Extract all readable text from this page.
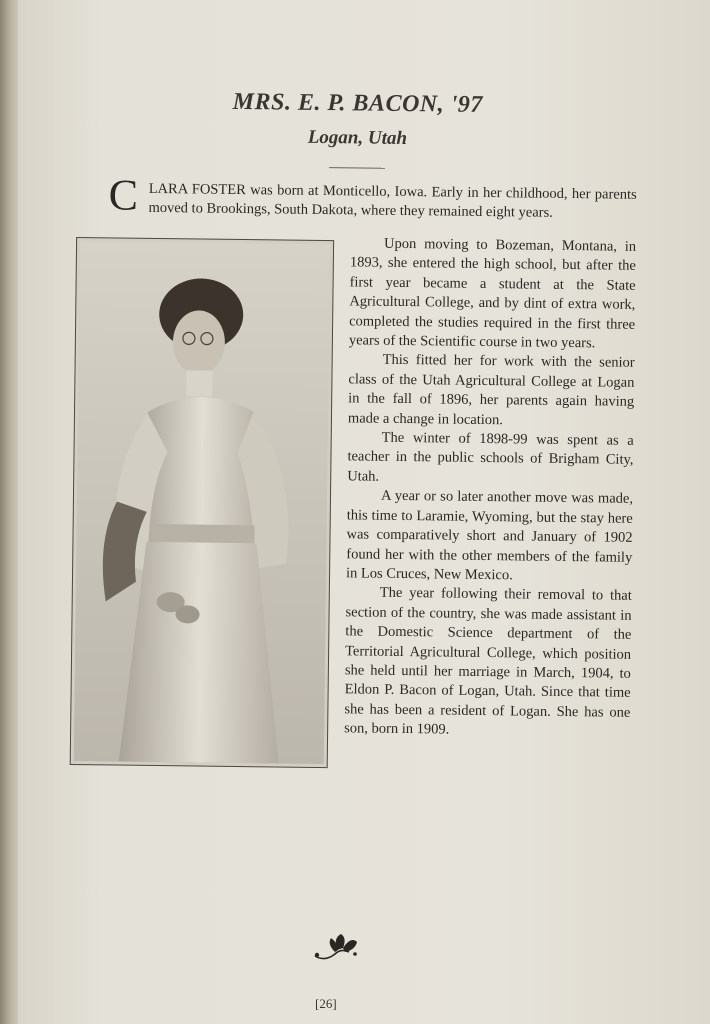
MRS. E. P. BACON, '97
Logan, Utah

C LARA FOSTER was born at Monticello, Iowa. Early in her childhood, her parents moved to Brookings, South Dakota, where they remained eight years.

Upon moving to Bozeman, Montana, in 1893, she entered the high school, but after the first year became a student at the State Agricultural College, and by dint of extra work, completed the studies required in the first three years of the Scientific course in two years.

This fitted her for work with the senior class of the Utah Agricultural College at Logan in the fall of 1896, her parents again having made a change in location.

The winter of 1898-99 was spent as a teacher in the public schools of Brigham City, Utah.

A year or so later another move was made, this time to Laramie, Wyoming, but the stay here was comparatively short and January of 1902 found her with the other members of the family in Los Cruces, New Mexico.

The year following their removal to that section of the country, she was made assistant in the Domestic Science department of the Territorial Agricultural College, which position she held until her marriage in March, 1904, to Eldon P. Bacon of Logan, Utah. Since that time she has been a resident of Logan. She has one son, born in 1909.

[26]
